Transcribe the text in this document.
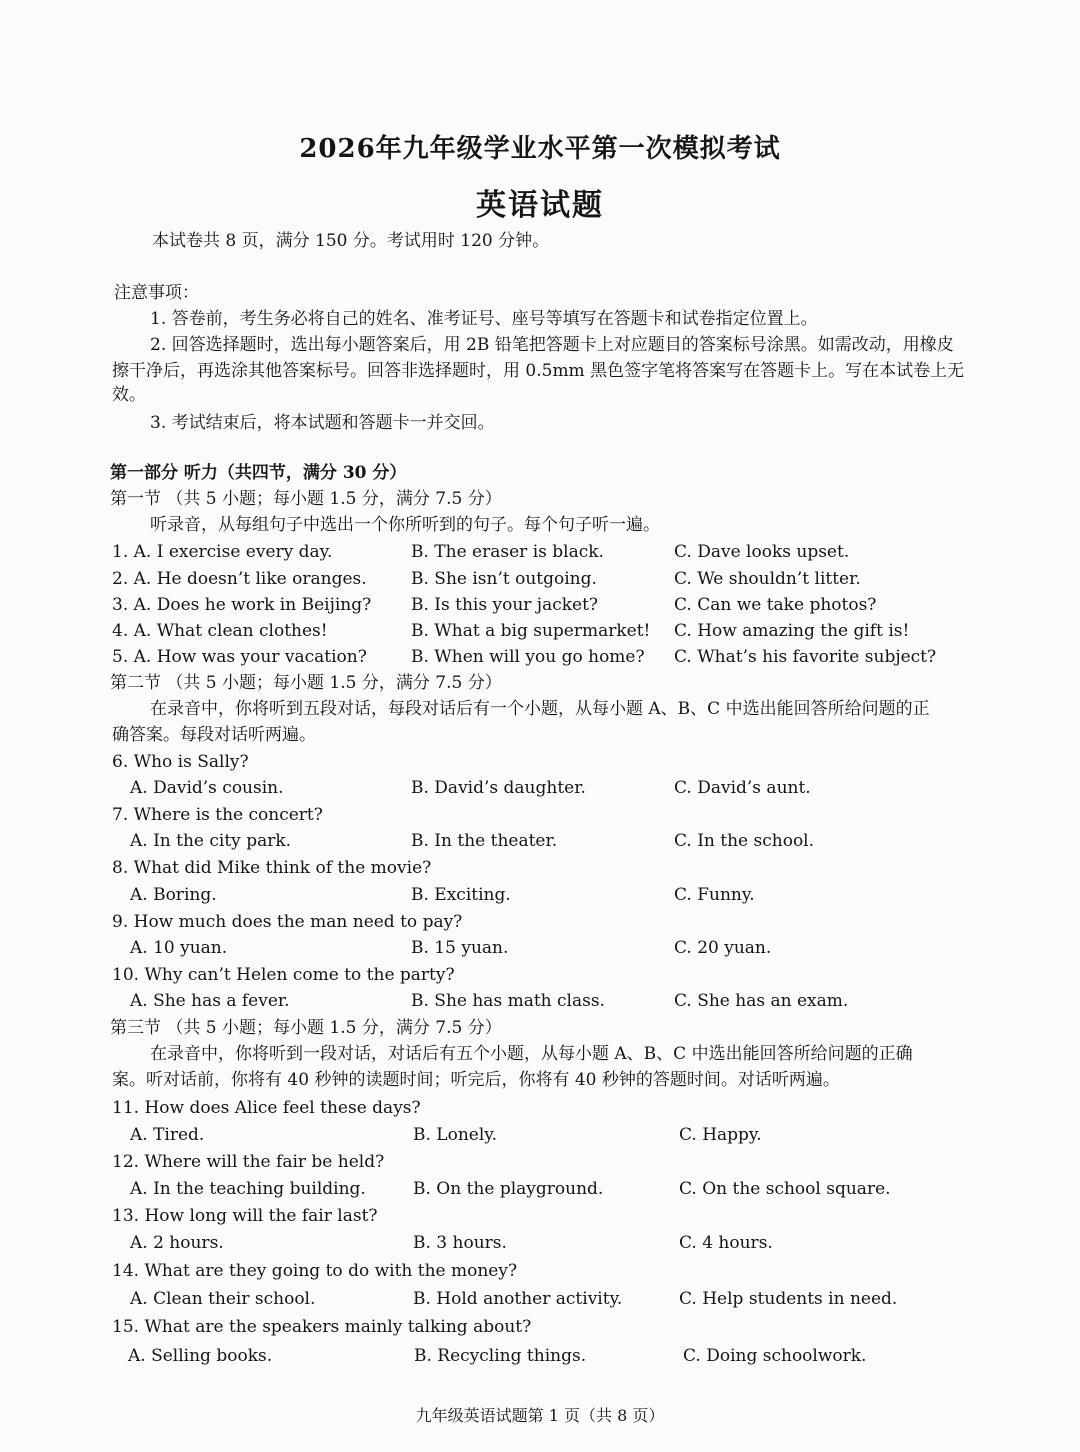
2026年九年级学业水平第一次模拟考试
英语试题
本试卷共 8 页，满分 150 分。考试用时 120 分钟。
注意事项：
1. 答卷前，考生务必将自己的姓名、准考证号、座号等填写在答题卡和试卷指定位置上。
2. 回答选择题时，选出每小题答案后，用 2B 铅笔把答题卡上对应题目的答案标号涂黑。如需改动，用橡皮
擦干净后，再选涂其他答案标号。回答非选择题时，用 0.5mm 黑色签字笔将答案写在答题卡上。写在本试卷上无
效。
3. 考试结束后，将本试题和答题卡一并交回。
第一部分 听力（共四节，满分 30 分）
第一节 （共 5 小题；每小题 1.5 分，满分 7.5 分）
听录音，从每组句子中选出一个你所听到的句子。每个句子听一遍。
1. A. I exercise every day.	B. The eraser is black.	C. Dave looks upset.
2. A. He doesn’t like oranges.	B. She isn’t outgoing.	C. We shouldn’t litter.
3. A. Does he work in Beijing? B. Is this your jacket?	C. Can we take photos?
4. A. What clean clothes!	B. What a big supermarket! C. How amazing the gift is!
5. A. How was your vacation?	B. When will you go home? C. What’s his favorite subject?
第二节 （共 5 小题；每小题 1.5 分，满分 7.5 分）
在录音中，你将听到五段对话，每段对话后有一个小题，从每小题 A、B、C 中选出能回答所给问题的正
确答案。每段对话听两遍。
6. Who is Sally?
A. David’s cousin.	B. David’s daughter.	C. David’s aunt.
7. Where is the concert?
A. In the city park.	B. In the theater.	C. In the school.
8. What did Mike think of the movie?
A. Boring.	B. Exciting.	C. Funny.
9. How much does the man need to pay?
A. 10 yuan.	B. 15 yuan.	C. 20 yuan.
10. Why can’t Helen come to the party?
A. She has a fever.	B. She has math class.	C. She has an exam.
第三节 （共 5 小题；每小题 1.5 分，满分 7.5 分）
在录音中，你将听到一段对话，对话后有五个小题，从每小题 A、B、C 中选出能回答所给问题的正确
案。听对话前，你将有 40 秒钟的读题时间；听完后，你将有 40 秒钟的答题时间。对话听两遍。
11. How does Alice feel these days?
A. Tired.	B. Lonely.	C. Happy.
12. Where will the fair be held?
A. In the teaching building.	B. On the playground.	C. On the school square.
13. How long will the fair last?
A. 2 hours.	B. 3 hours.	C. 4 hours.
14. What are they going to do with the money?
A. Clean their school.	B. Hold another activity.	C. Help students in need.
15. What are the speakers mainly talking about?
A. Selling books.	B. Recycling things.	C. Doing schoolwork.
九年级英语试题第 1 页（共 8 页）
